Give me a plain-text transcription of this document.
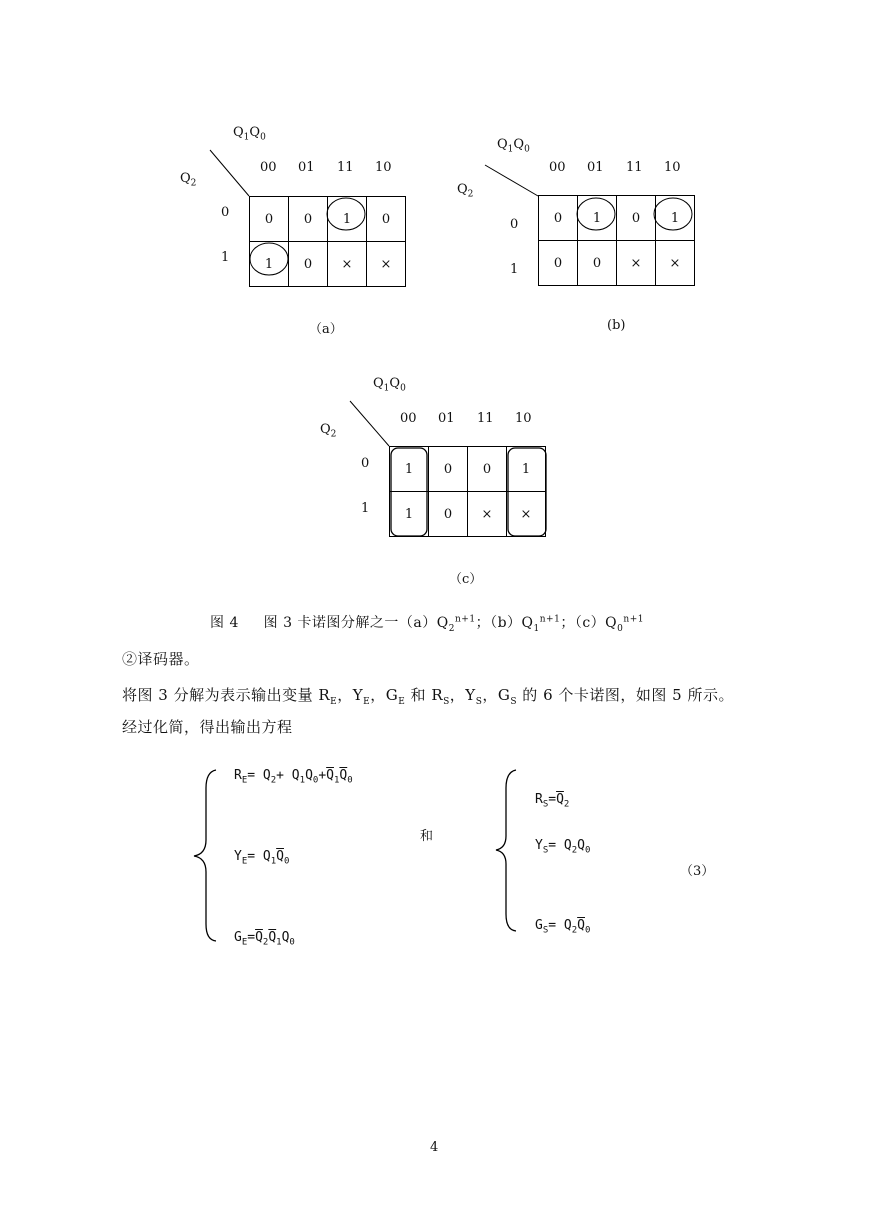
$Q_1Q_0$
$Q_2$
00 01 11 10
0
1
0	0	1	0
1	0	×	×
（a）
$Q_1Q_0$
$Q_2$
00 01 11 10
0
1
0	1	0	1
0	0	×	×
(b)
$Q_1Q_0$
$Q_2$
00 01 11 10
0
1
1	0	0	1
1	0	×	×
（c）
图 4 图 3 卡诺图分解之一$(a)Q_2^{n+1}$；$(b)Q_1^{n+1}$；$(c)Q_0^{n+1}$
②译码器。
将图 3 分解为表示输出变量 $R_E$，$Y_E$，$G_E$ 和 $R_S$，$Y_S$，$G_S$ 的 6 个卡诺图，如图 5 所示。
经过化简，得出输出方程
$R_E= Q_2+ Q_1Q_0+\overline{Q}_1\overline{Q}_0$
$Y_E= Q_1\overline{Q}_0$
$G_E=\overline{Q}_2\overline{Q}_1Q_0$
和
$R_S=\overline{Q}_2$
$Y_S= Q_2Q_0$
$G_S= Q_2\overline{Q}_0$
（3）
4
